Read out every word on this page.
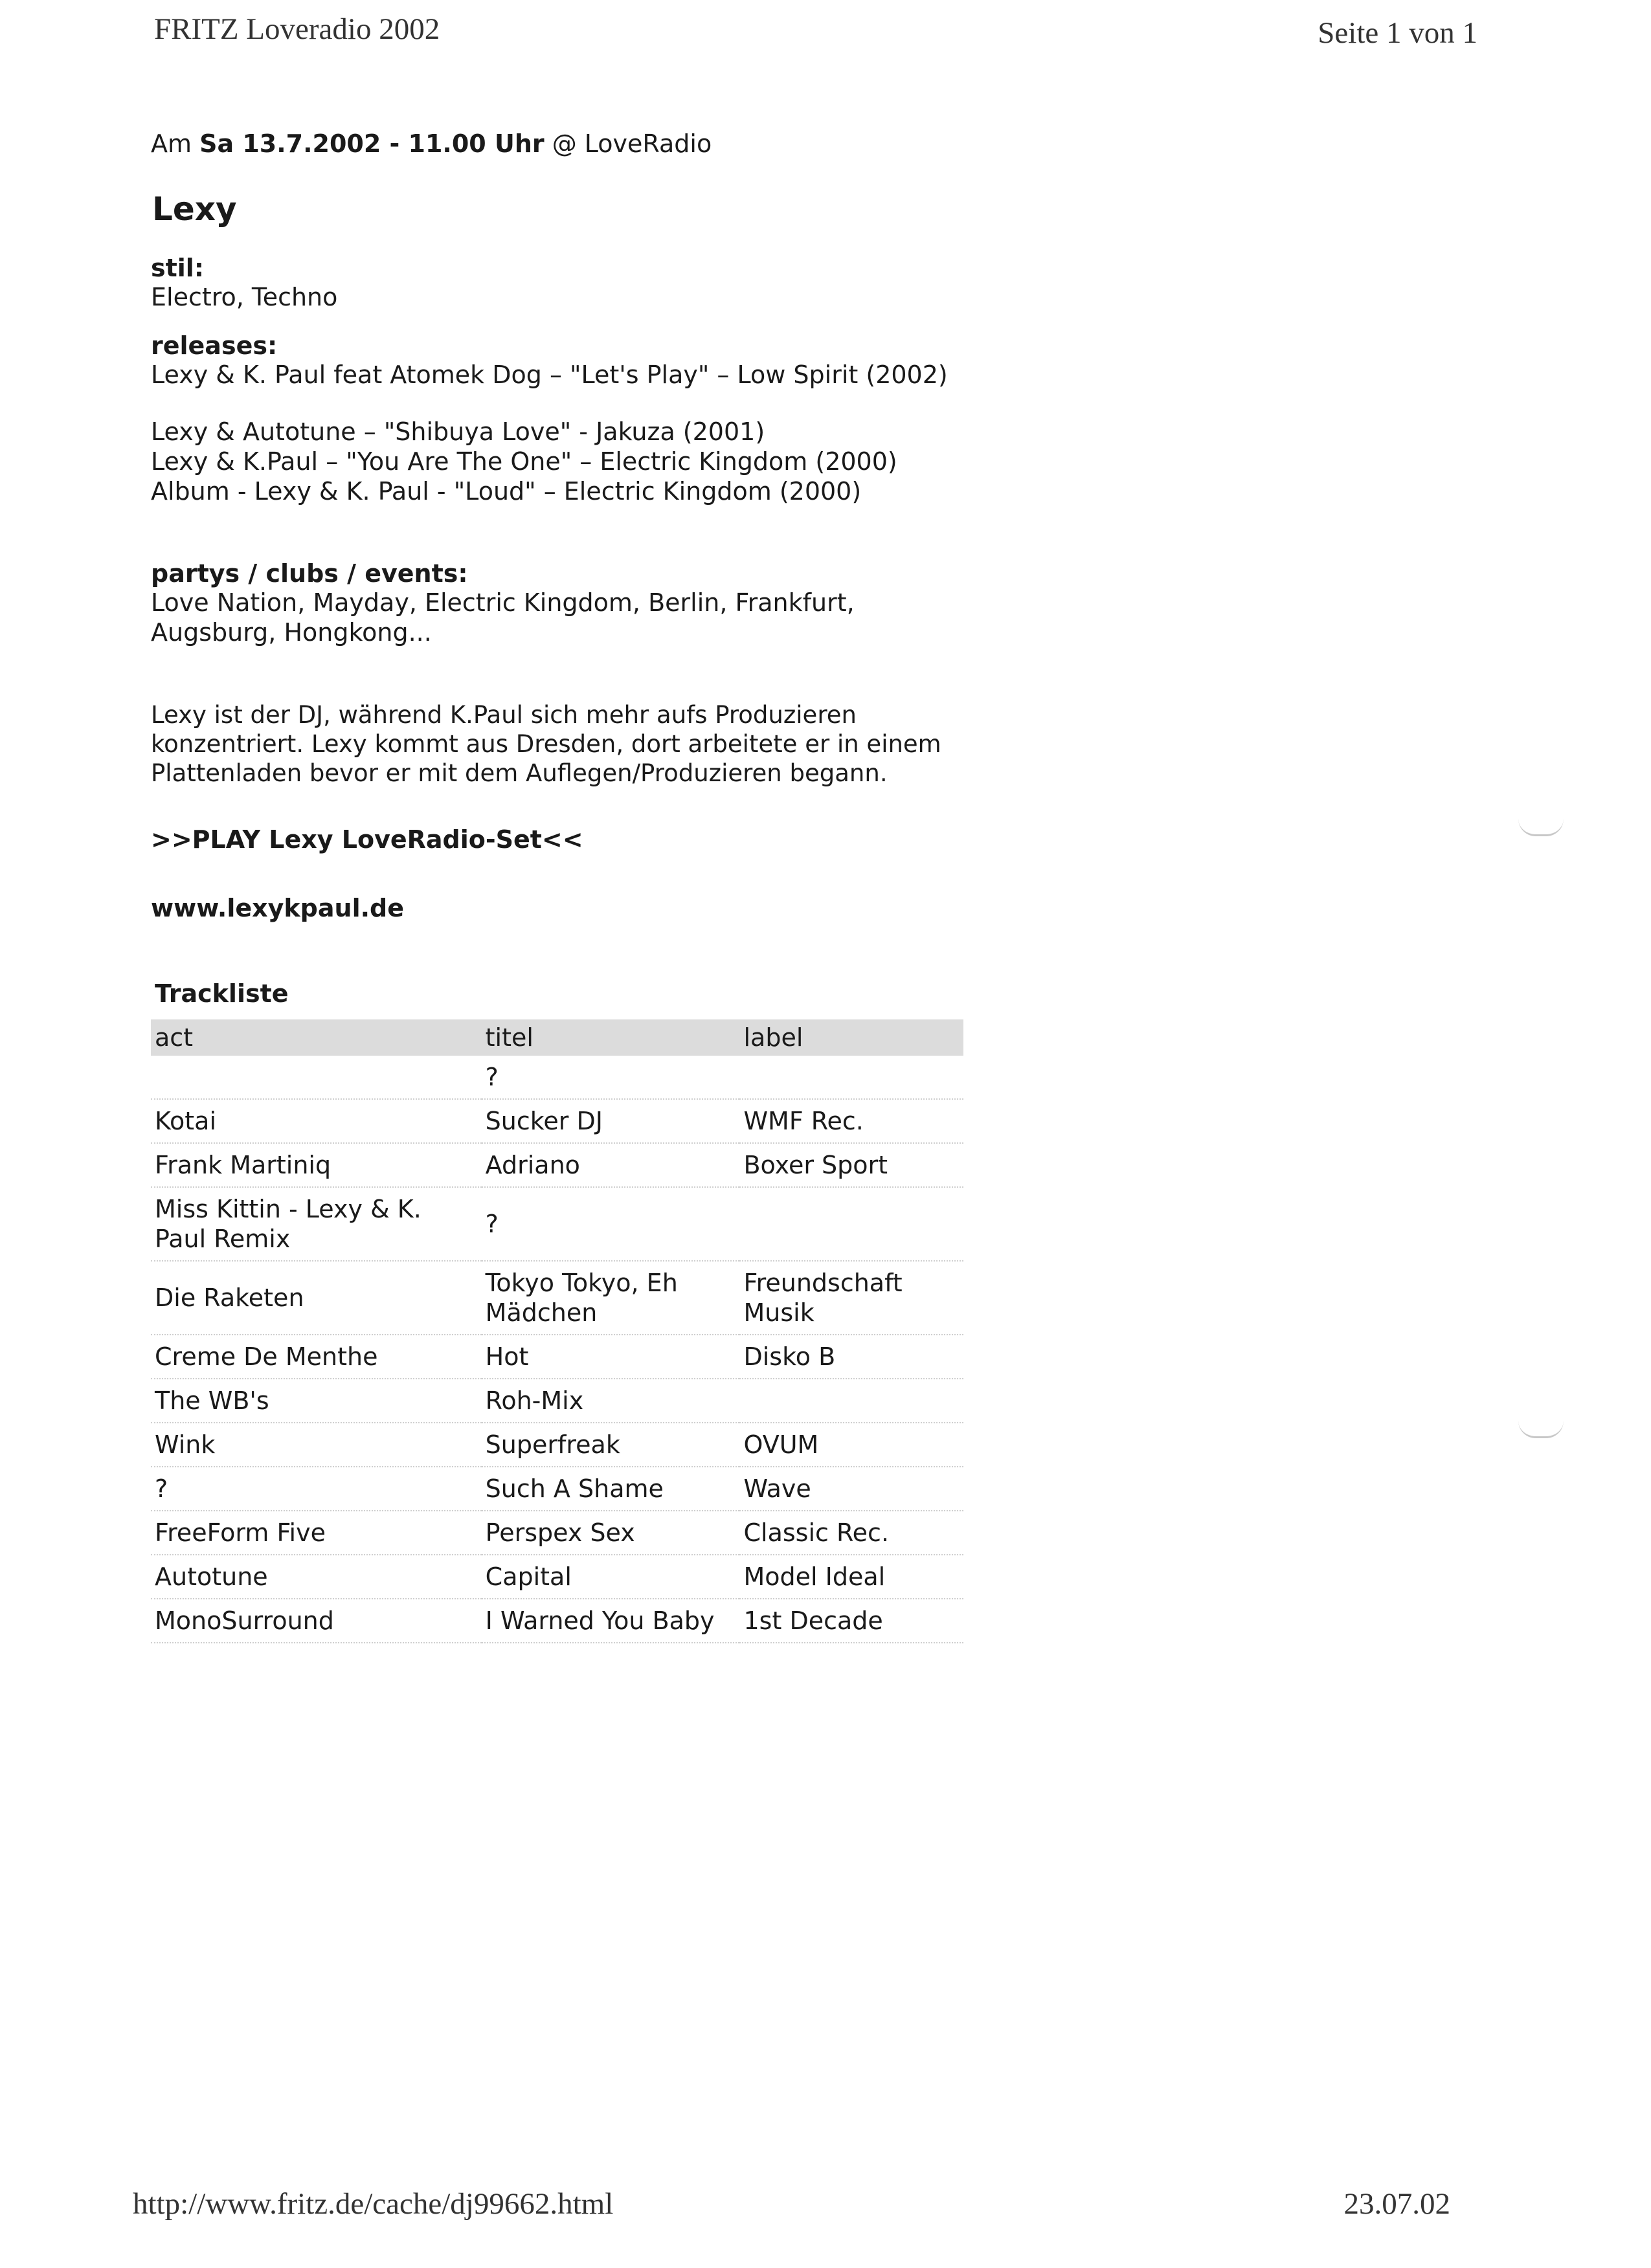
FRITZ Loveradio 2002	Seite 1 von 1

Am Sa 13.7.2002 - 11.00 Uhr @ LoveRadio

Lexy

stil:

Electro, Techno

releases:

Lexy & K. Paul feat Atomek Dog – "Let's Play" – Low Spirit (2002)

Lexy & Autotune – "Shibuya Love" - Jakuza (2001)

Lexy & K.Paul – "You Are The One" – Electric Kingdom (2000)

Album - Lexy & K. Paul - "Loud" – Electric Kingdom (2000)

partys / clubs / events:

Love Nation, Mayday, Electric Kingdom, Berlin, Frankfurt,

Augsburg, Hongkong...

Lexy ist der DJ, während K.Paul sich mehr aufs Produzieren

konzentriert. Lexy kommt aus Dresden, dort arbeitete er in einem

Plattenladen bevor er mit dem Auflegen/Produzieren begann.

>>PLAY Lexy LoveRadio-Set<<
www.lexykpaul.de
Trackliste
act	titel	label
	?	
Kotai	Sucker DJ	WMF Rec.
Frank Martiniq	Adriano	Boxer Sport
Miss Kittin - Lexy & K. Paul Remix	?	
Die Raketen	Tokyo Tokyo, Eh Mädchen	Freundschaft Musik
Creme De Menthe	Hot	Disko B
The WB's	Roh-Mix	
Wink	Superfreak	OVUM
?	Such A Shame	Wave
FreeForm Five	Perspex Sex	Classic Rec.
Autotune	Capital	Model Ideal
MonoSurround	I Warned You Baby	1st Decade
http://www.fritz.de/cache/dj99662.html	23.07.02
